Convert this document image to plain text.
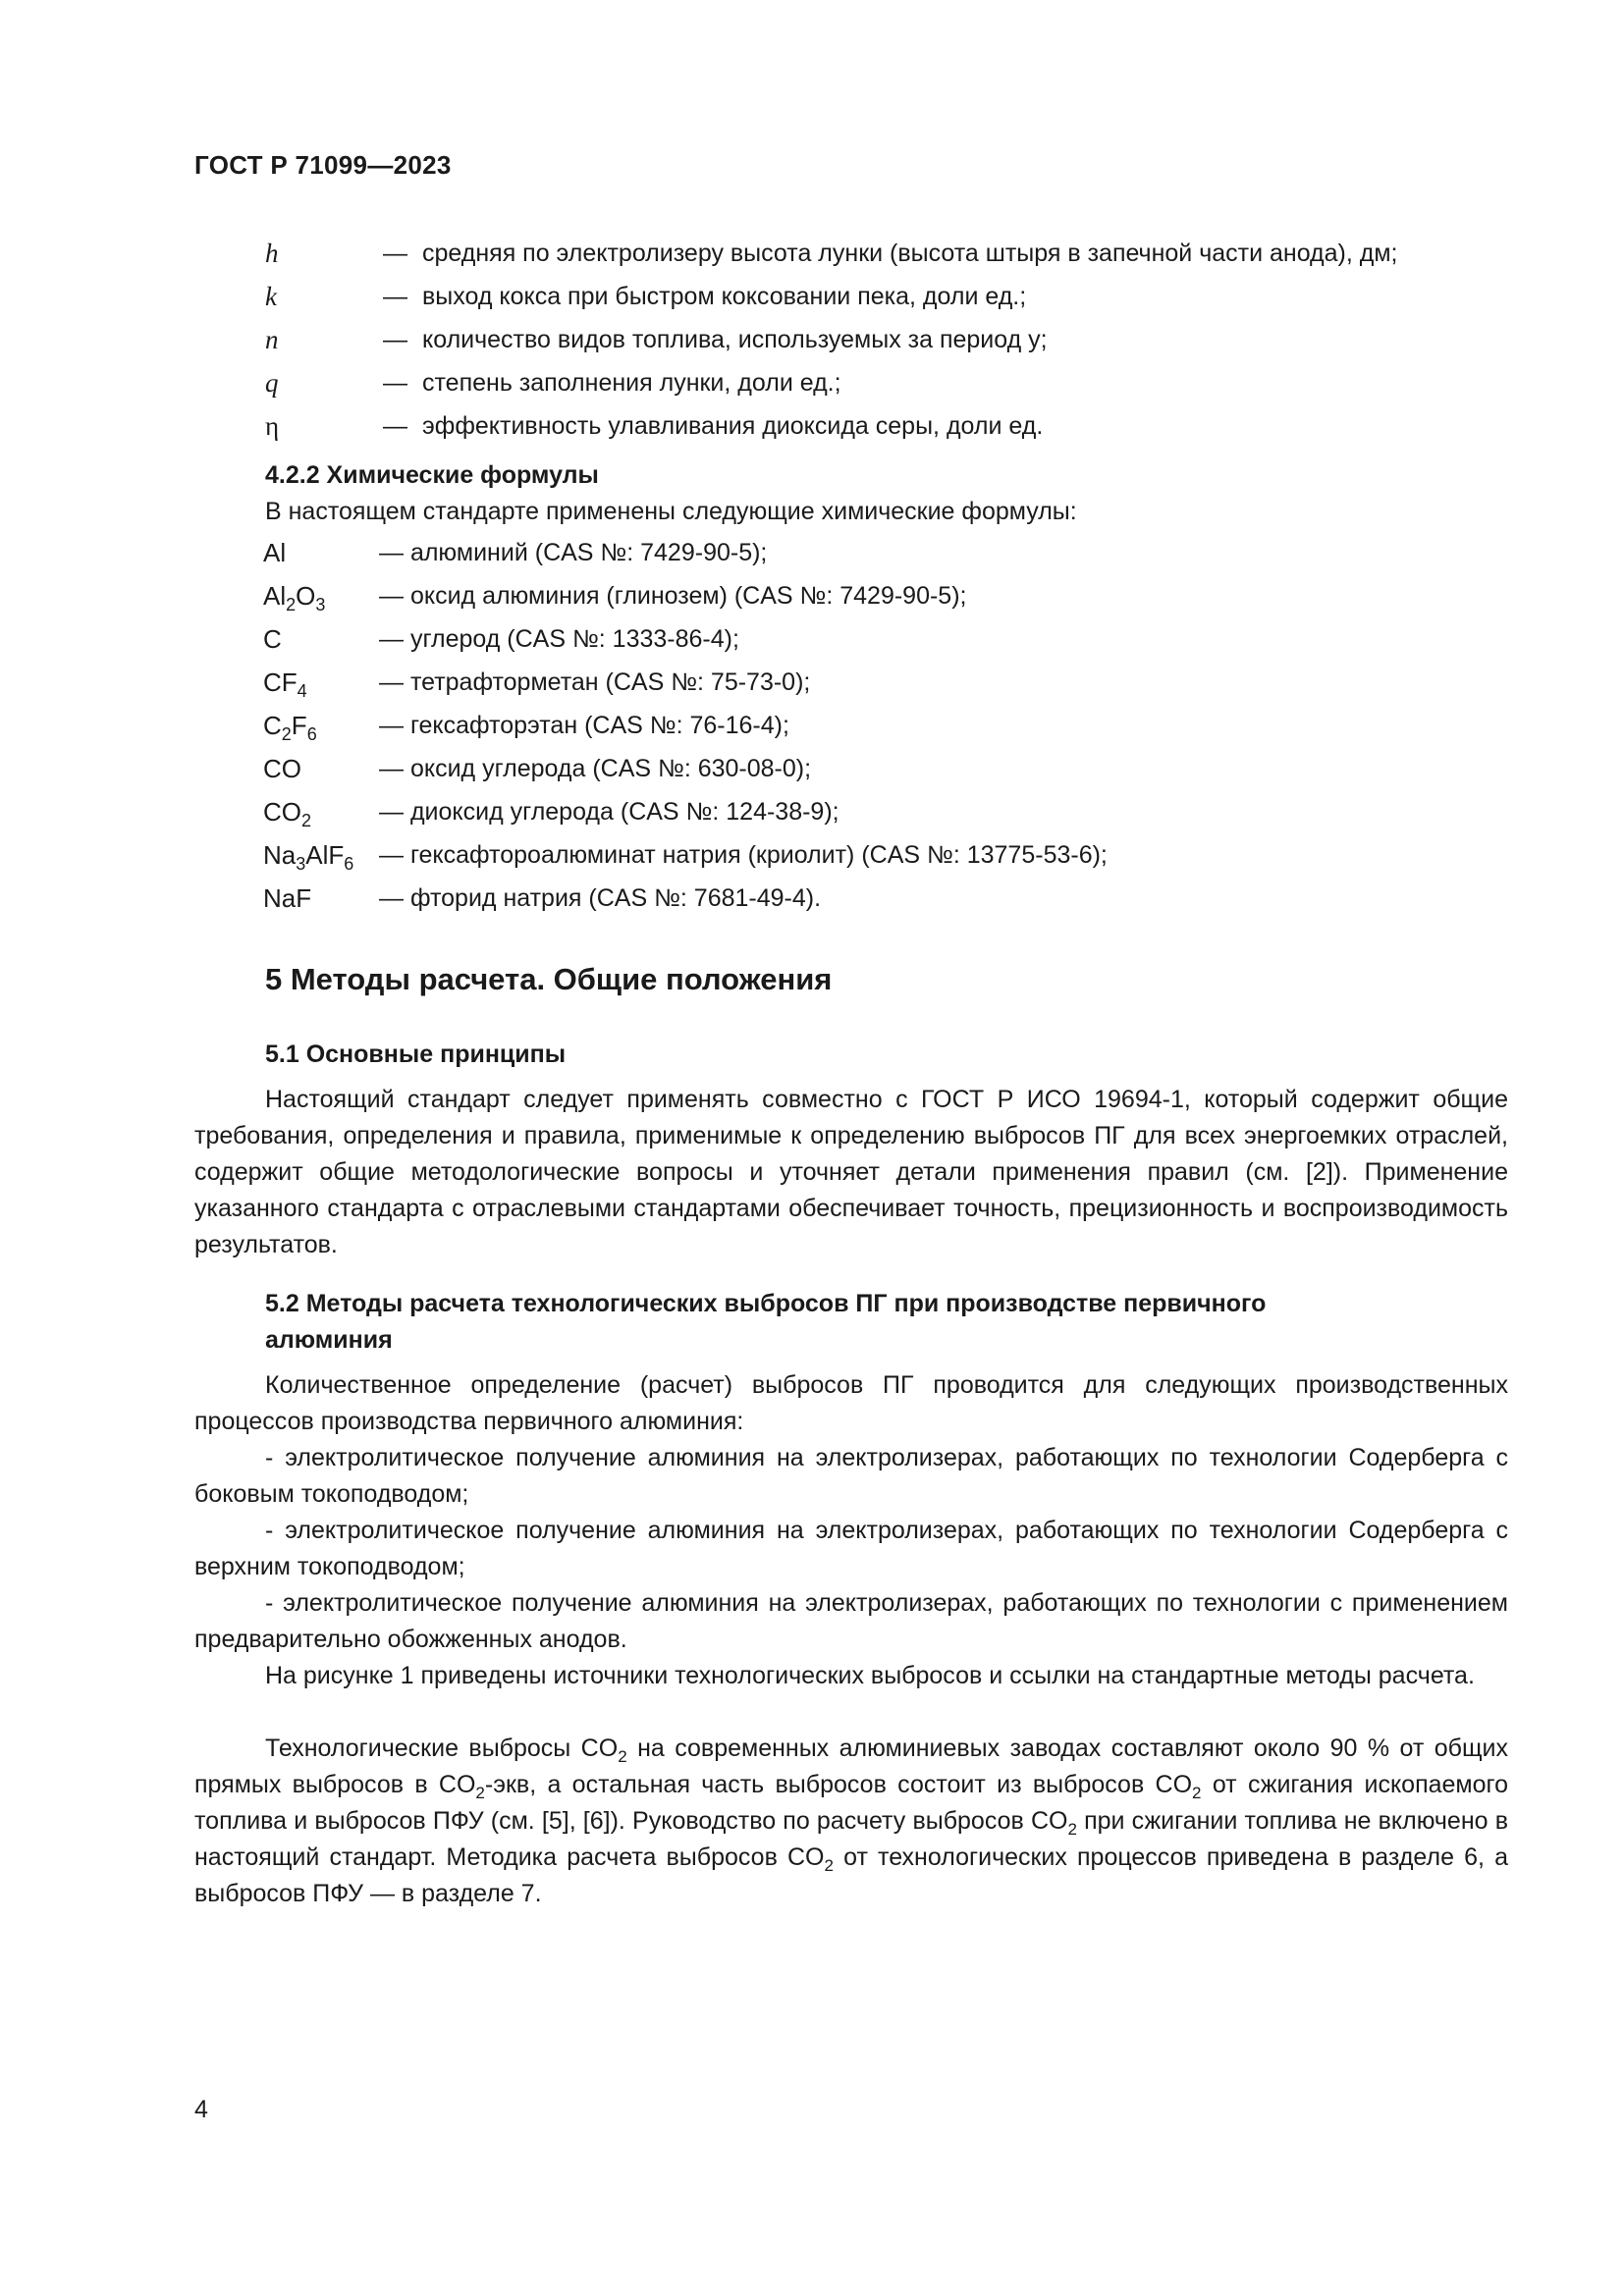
ГОСТ Р 71099—2023
h	— средняя по электролизеру высота лунки (высота штыря в запечной части анода), дм;
k	— выход кокса при быстром коксовании пека, доли ед.;
n	— количество видов топлива, используемых за период y;
q	— степень заполнения лунки, доли ед.;
η	— эффективность улавливания диоксида серы, доли ед.
4.2.2 Химические формулы
В настоящем стандарте применены следующие химические формулы:
Al	— алюминий (CAS №: 7429-90-5);
$Al_2O_3$	— оксид алюминия (глинозем) (CAS №: 7429-90-5);
C	— углерод (CAS №: 1333-86-4);
$CF_4$	— тетрафторметан (CAS №: 75-73-0);
$C_2F_6$	— гексафторэтан (CAS №: 76-16-4);
CO	— оксид углерода (CAS №: 630-08-0);
$CO_2$	— диоксид углерода (CAS №: 124-38-9);
$Na_3AlF_6$	— гексафтороалюминат натрия (криолит) (CAS №: 13775-53-6);
NaF	— фторид натрия (CAS №: 7681-49-4).
5 Методы расчета. Общие положения
5.1 Основные принципы

Настоящий стандарт следует применять совместно с ГОСТ Р ИСО 19694-1, который содержит общие требования, определения и правила, применимые к определению выбросов ПГ для всех энергоемких отраслей, содержит общие методологические вопросы и уточняет детали применения правил (см. [2]). Применение указанного стандарта с отраслевыми стандартами обеспечивает точность, прецизионность и воспроизводимость результатов.

5.2 Методы расчета технологических выбросов ПГ при производстве первичного
алюминия

Количественное определение (расчет) выбросов ПГ проводится для следующих производственных процессов производства первичного алюминия:

- электролитическое получение алюминия на электролизерах, работающих по технологии Содерберга с боковым токоподводом;

- электролитическое получение алюминия на электролизерах, работающих по технологии Содерберга с верхним токоподводом;

- электролитическое получение алюминия на электролизерах, работающих по технологии с применением предварительно обожженных анодов.

На рисунке 1 приведены источники технологических выбросов и ссылки на стандартные методы расчета.

Технологические выбросы $CO_2$ на современных алюминиевых заводах составляют около 90 % от общих прямых выбросов в $CO_2$-экв, а остальная часть выбросов состоит из выбросов $CO_2$ от сжигания ископаемого топлива и выбросов ПФУ (см. [5], [6]). Руководство по расчету выбросов $CO_2$ при сжигании топлива не включено в настоящий стандарт. Методика расчета выбросов $CO_2$ от технологических процессов приведена в разделе 6, а выбросов ПФУ — в разделе 7.

4
